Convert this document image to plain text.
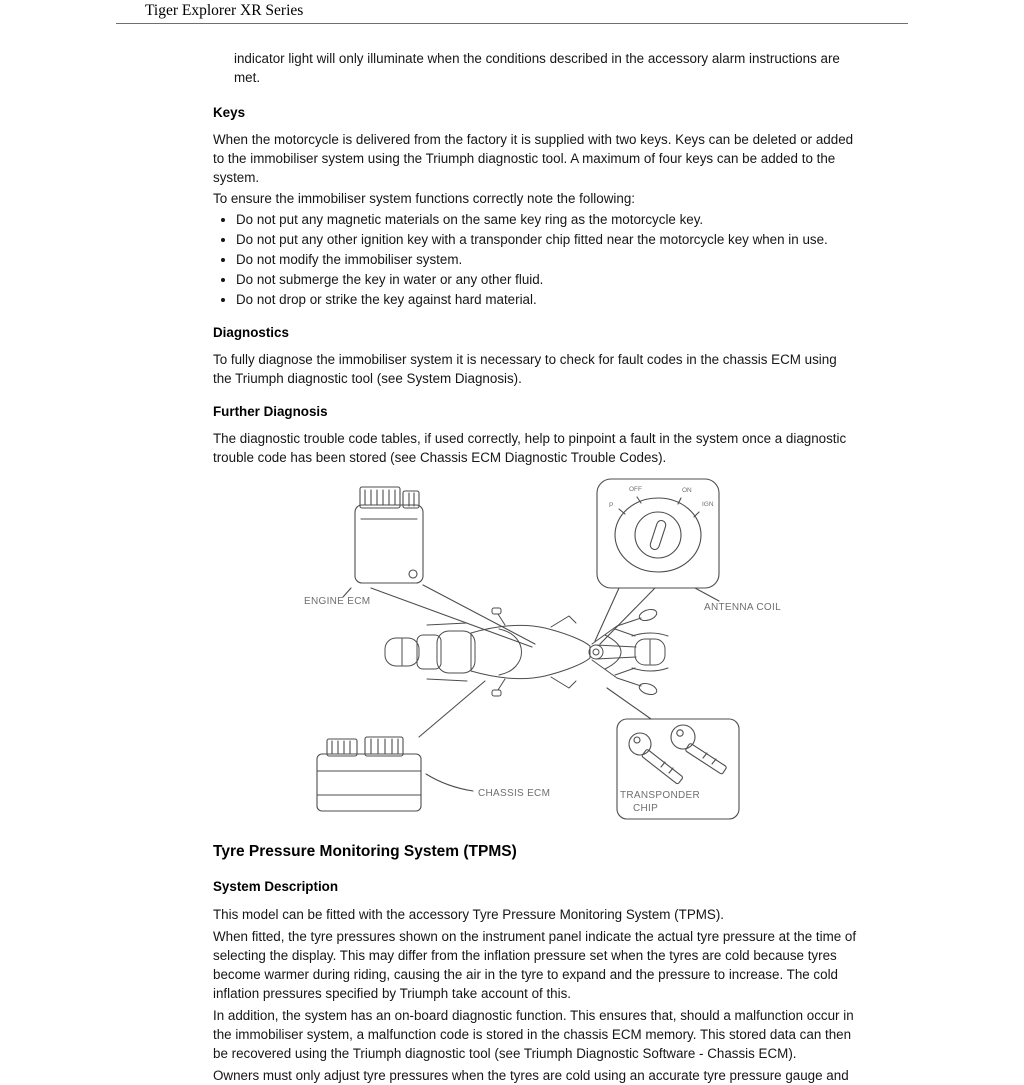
Tiger Explorer XR Series

indicator light will only illuminate when the conditions described in the accessory alarm instructions are met.

Keys

When the motorcycle is delivered from the factory it is supplied with two keys. Keys can be deleted or added to the immobiliser system using the Triumph diagnostic tool. A maximum of four keys can be added to the system.

To ensure the immobiliser system functions correctly note the following:

• Do not put any magnetic materials on the same key ring as the motorcycle key.
• Do not put any other ignition key with a transponder chip fitted near the motorcycle key when in use.
• Do not modify the immobiliser system.
• Do not submerge the key in water or any other fluid.
• Do not drop or strike the key against hard material.
Diagnostics

To fully diagnose the immobiliser system it is necessary to check for fault codes in the chassis ECM using the Triumph diagnostic tool (see System Diagnosis).

Further Diagnosis

The diagnostic trouble code tables, if used correctly, help to pinpoint a fault in the system once a diagnostic trouble code has been stored (see Chassis ECM Diagnostic Trouble Codes).

ENGINE ECM
ANTENNA COIL
CHASSIS ECM	TRANSPONDER
CHIP
P
OFF	ON
IGN
Tyre Pressure Monitoring System (TPMS)
System Description

This model can be fitted with the accessory Tyre Pressure Monitoring System (TPMS).

When fitted, the tyre pressures shown on the instrument panel indicate the actual tyre pressure at the time of selecting the display. This may differ from the inflation pressure set when the tyres are cold because tyres become warmer during riding, causing the air in the tyre to expand and the pressure to increase. The cold inflation pressures specified by Triumph take account of this.

In addition, the system has an on-board diagnostic function. This ensures that, should a malfunction occur in the immobiliser system, a malfunction code is stored in the chassis ECM memory. This stored data can then be recovered using the Triumph diagnostic tool (see Triumph Diagnostic Software - Chassis ECM).

Owners must only adjust tyre pressures when the tyres are cold using an accurate tyre pressure gauge and
